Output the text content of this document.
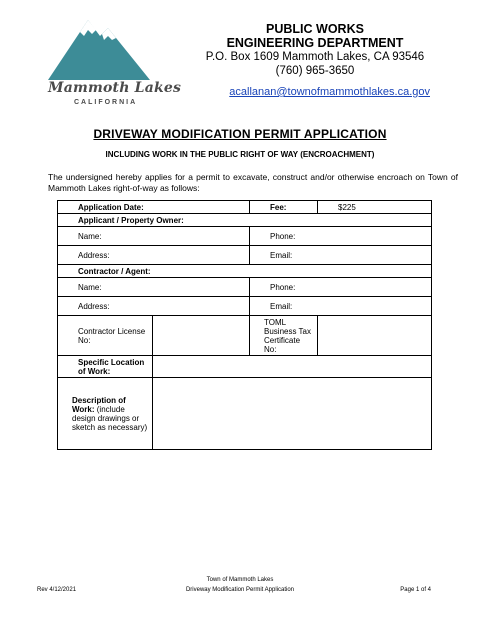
Mammoth Lakes
CALIFORNIA
PUBLIC WORKS
ENGINEERING DEPARTMENT
P.O. Box 1609 Mammoth Lakes, CA 93546
(760) 965-3650
acallanan@townofmammothlakes.ca.gov
DRIVEWAY MODIFICATION PERMIT APPLICATION
INCLUDING WORK IN THE PUBLIC RIGHT OF WAY (ENCROACHMENT)
The undersigned hereby applies for a permit to excavate, construct and/or otherwise encroach on Town of Mammoth Lakes right-of-way as follows:
Application Date:		Fee:	$225
Applicant / Property Owner:			
Name:		Phone:	
Address:		Email:	
Contractor / Agent:			
Name:		Phone:	
Address:		Email:	
Contractor License No:		TOML Business Tax Certificate No:	
Specific Location of Work:			
Description of Work: (include design drawings or sketch as necessary)			
Town of Mammoth Lakes
Driveway Modification Permit Application
Rev 4/12/2021	Page 1 of 4
